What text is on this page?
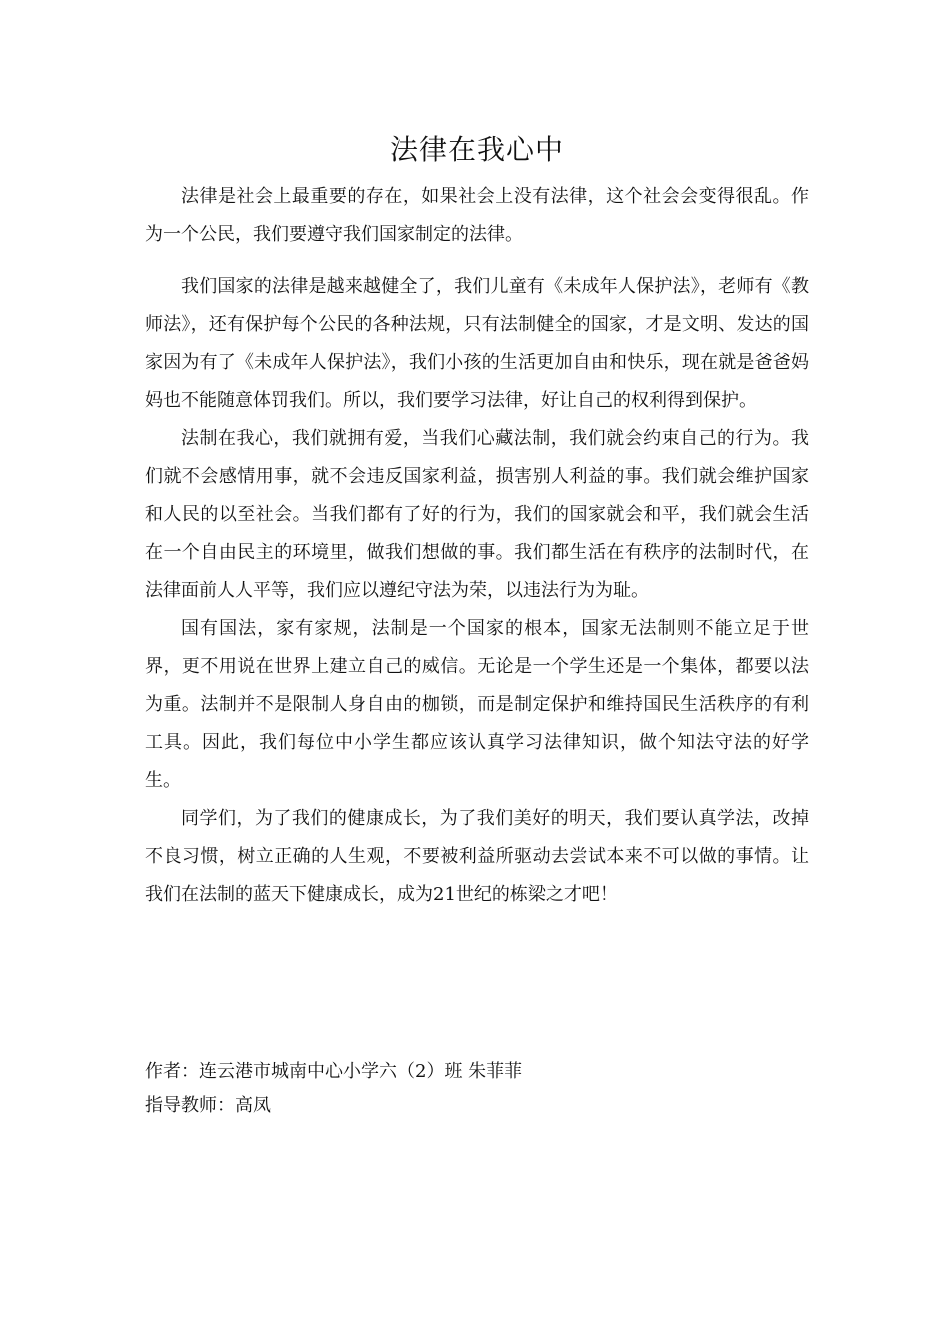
法律在我心中

法律是社会上最重要的存在，如果社会上没有法律，这个社会会变得很乱。作为一个公民，我们要遵守我们国家制定的法律。

我们国家的法律是越来越健全了，我们儿童有《未成年人保护法》，老师有《教师法》，还有保护每个公民的各种法规，只有法制健全的国家，才是文明、发达的国家因为有了《未成年人保护法》，我们小孩的生活更加自由和快乐，现在就是爸爸妈妈也不能随意体罚我们。所以，我们要学习法律，好让自己的权利得到保护。

法制在我心，我们就拥有爱，当我们心藏法制，我们就会约束自己的行为。我们就不会感情用事，就不会违反国家利益，损害别人利益的事。我们就会维护国家和人民的以至社会。当我们都有了好的行为，我们的国家就会和平，我们就会生活在一个自由民主的环境里，做我们想做的事。我们都生活在有秩序的法制时代，在法律面前人人平等，我们应以遵纪守法为荣，以违法行为为耻。

国有国法，家有家规，法制是一个国家的根本，国家无法制则不能立足于世界，更不用说在世界上建立自己的威信。无论是一个学生还是一个集体，都要以法为重。法制并不是限制人身自由的枷锁，而是制定保护和维持国民生活秩序的有利工具。因此，我们每位中小学生都应该认真学习法律知识，做个知法守法的好学生。

同学们，为了我们的健康成长，为了我们美好的明天，我们要认真学法，改掉不良习惯，树立正确的人生观，不要被利益所驱动去尝试本来不可以做的事情。让我们在法制的蓝天下健康成长，成为21世纪的栋梁之才吧！

作者：连云港市城南中心小学六（2）班 朱菲菲

指导教师：高凤
